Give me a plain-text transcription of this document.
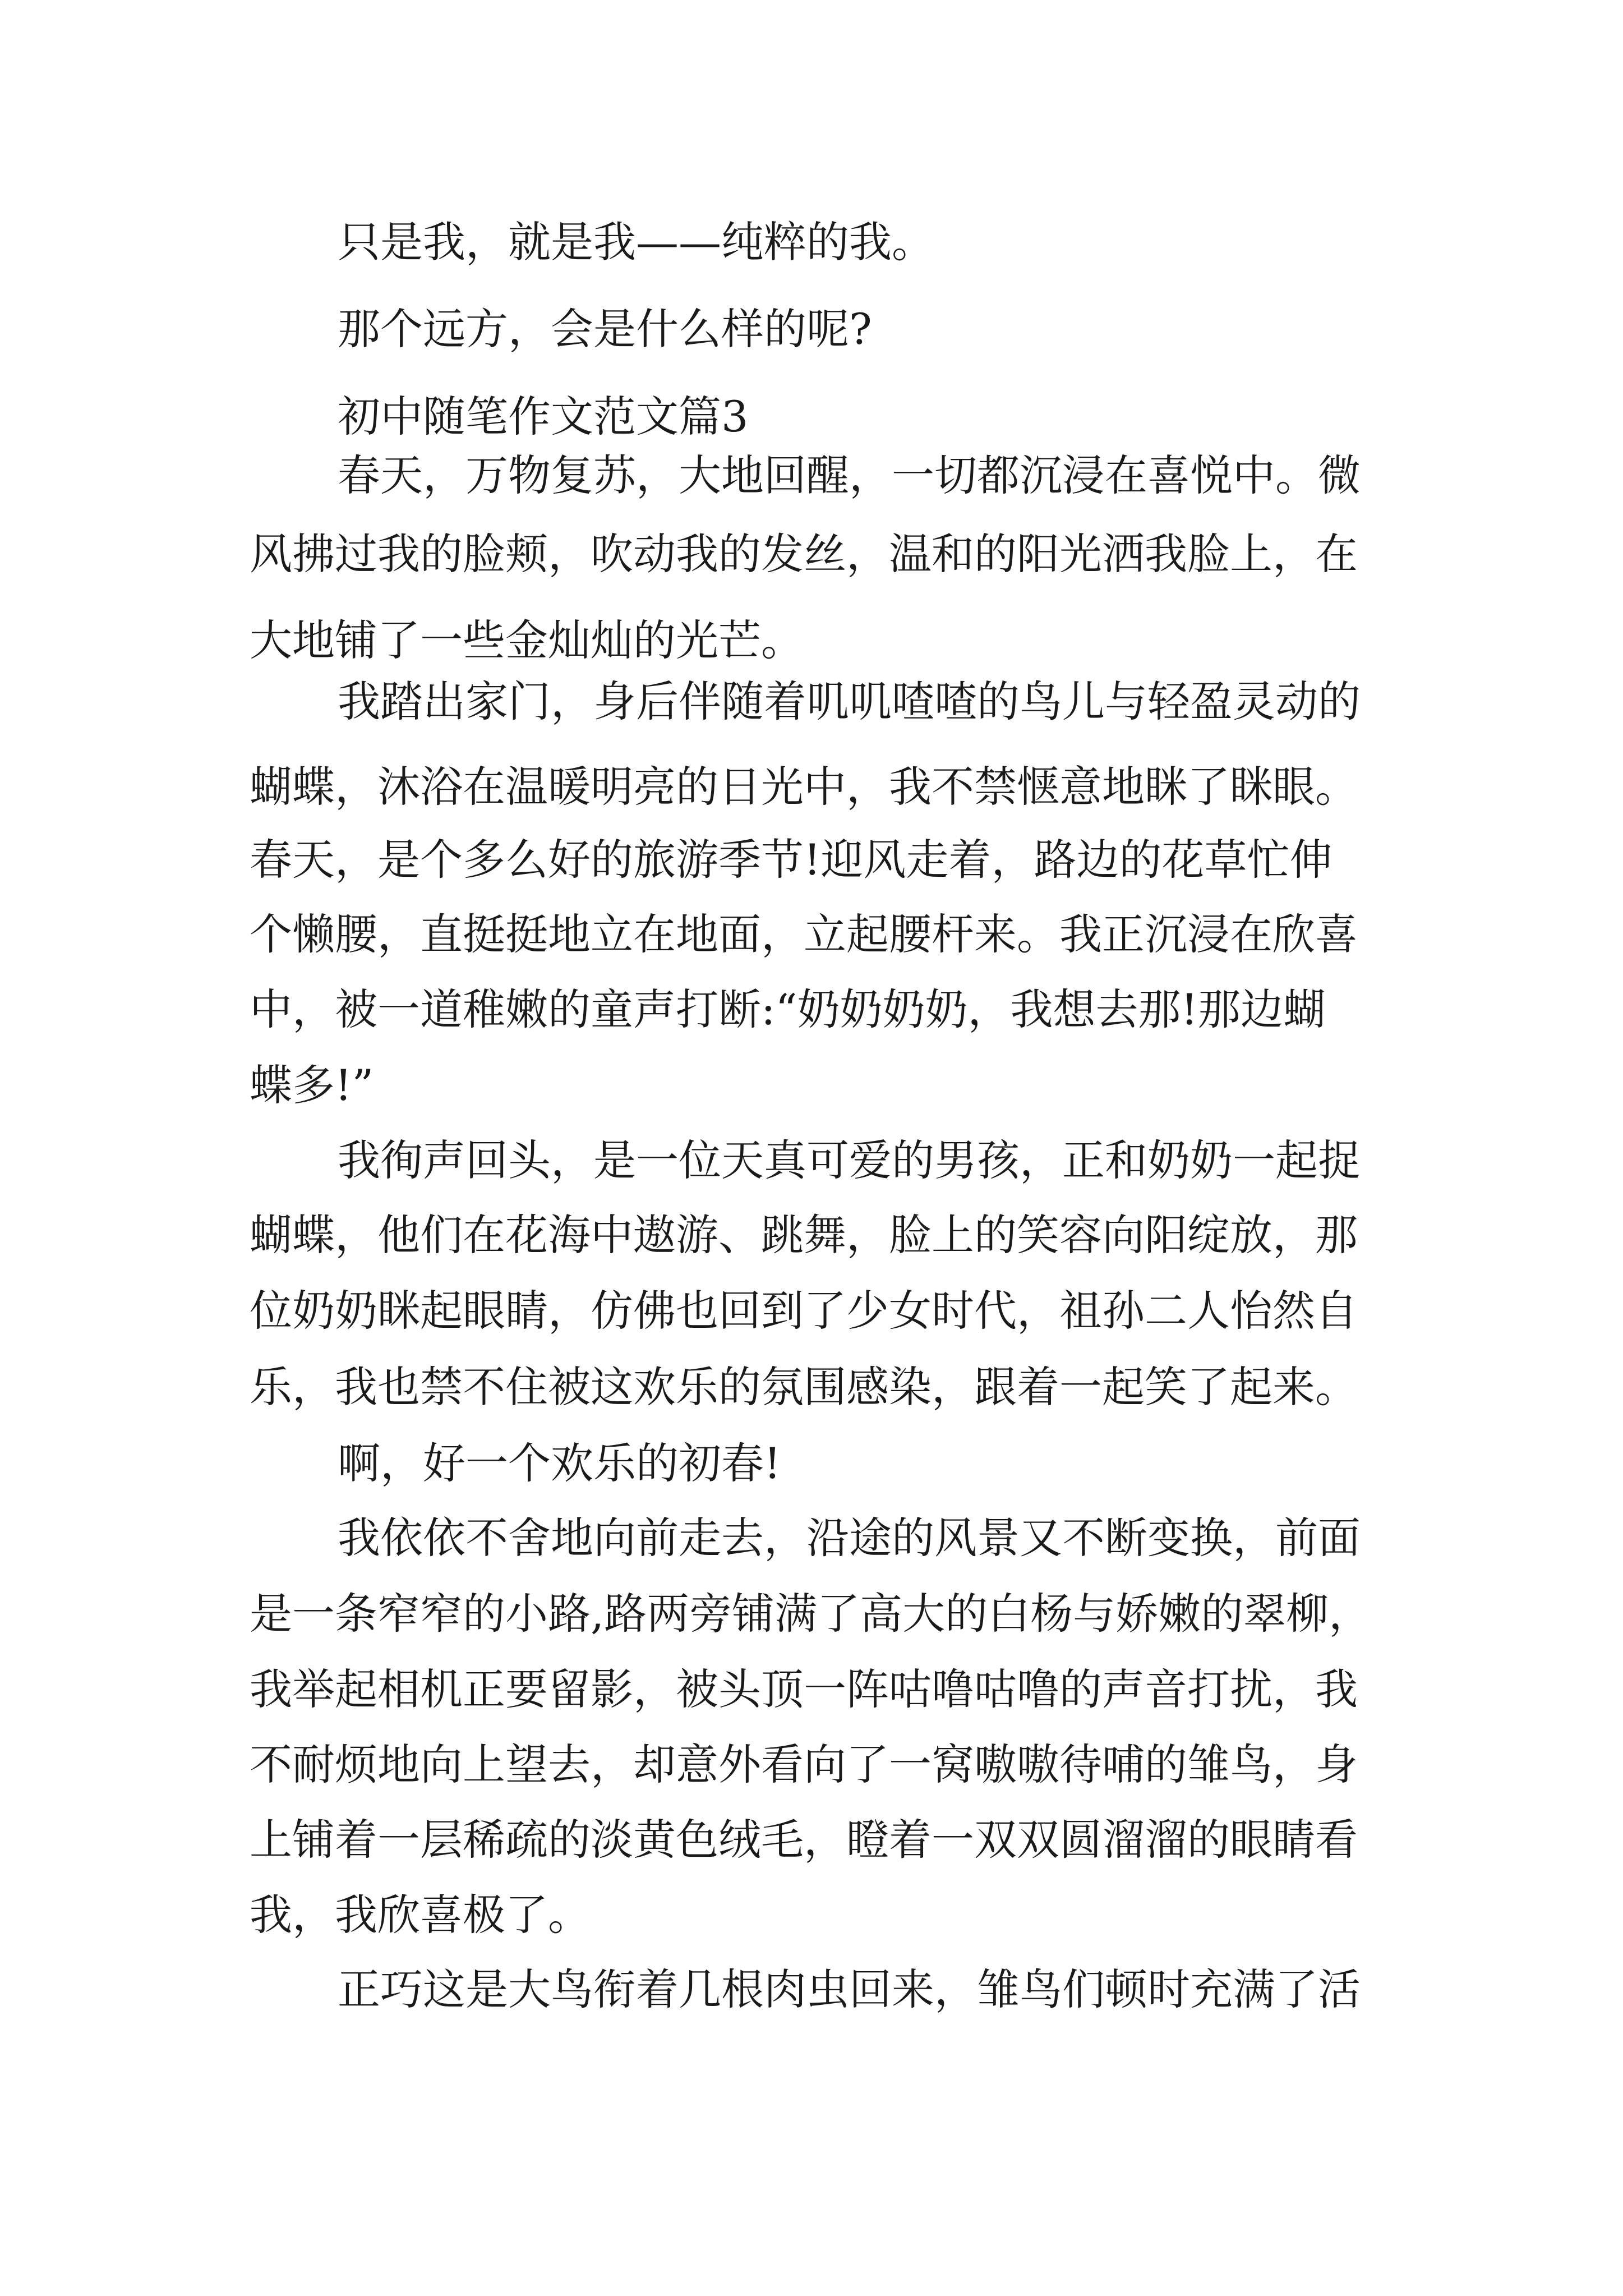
只是我，就是我——纯粹的我。

那个远方，会是什么样的呢?

初中随笔作文范文篇3

春天，万物复苏，大地回醒，一切都沉浸在喜悦中。微

风拂过我的脸颊，吹动我的发丝，温和的阳光洒我脸上，在

大地铺了一些金灿灿的光芒。

我踏出家门，身后伴随着叽叽喳喳的鸟儿与轻盈灵动的

蝴蝶，沐浴在温暖明亮的日光中，我不禁惬意地眯了眯眼。

春天，是个多么好的旅游季节!迎风走着，路边的花草忙伸

个懒腰，直挺挺地立在地面，立起腰杆来。我正沉浸在欣喜

中，被一道稚嫩的童声打断:“奶奶奶奶，我想去那!那边蝴

蝶多!”

我徇声回头，是一位天真可爱的男孩，正和奶奶一起捉

蝴蝶，他们在花海中遨游、跳舞，脸上的笑容向阳绽放，那

位奶奶眯起眼睛，仿佛也回到了少女时代，祖孙二人怡然自

乐，我也禁不住被这欢乐的氛围感染，跟着一起笑了起来。

啊，好一个欢乐的初春!

我依依不舍地向前走去，沿途的风景又不断变换，前面

是一条窄窄的小路,路两旁铺满了高大的白杨与娇嫩的翠柳，

我举起相机正要留影，被头顶一阵咕噜咕噜的声音打扰，我

不耐烦地向上望去，却意外看向了一窝嗷嗷待哺的雏鸟，身

上铺着一层稀疏的淡黄色绒毛，瞪着一双双圆溜溜的眼睛看

我，我欣喜极了。

正巧这是大鸟衔着几根肉虫回来，雏鸟们顿时充满了活
